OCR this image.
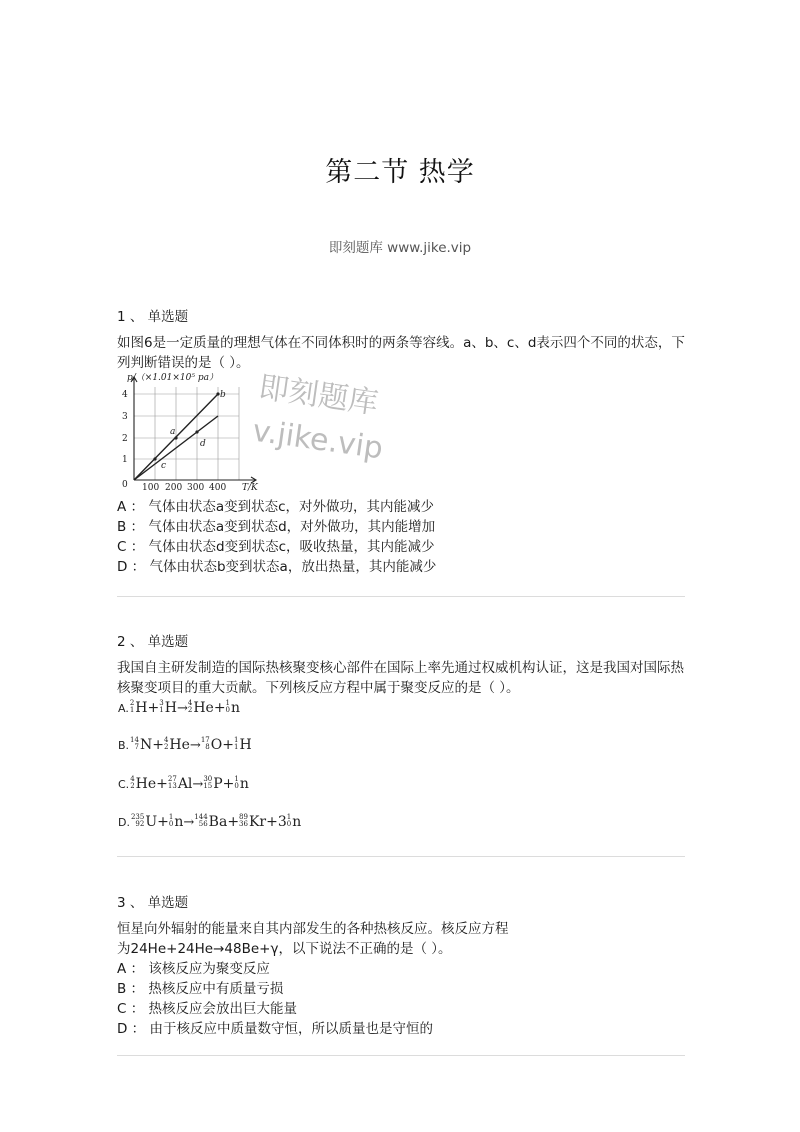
第二节 热学
即刻题库 www.jike.vip
1 、 单选题

如图6是一定质量的理想气体在不同体积时的两条等容线。a、b、c、d表示四个不同的状态，下列判断错误的是（ ）。

p/（×1.01×10⁵ pa）
a
b
c
d
1
2
3
4
0 100 200 300 400 T/K
即刻题库
v.jike.vip

A ： 气体由状态a变到状态c，对外做功，其内能减少

B ： 气体由状态a变到状态d，对外做功，其内能增加

C ： 气体由状态d变到状态c，吸收热量，其内能减少

D ： 气体由状态b变到状态a，放出热量，其内能减少

2 、 单选题

我国自主研发制造的国际热核聚变核心部件在国际上率先通过权威机构认证，这是我国对国际热核聚变项目的重大贡献。下列核反应方程中属于聚变反应的是（ ）。

A. 2
1 H+ 3
1 H→ 4
2 He+ 1
0 n
B. 14
7 N+ 4
2 He→ 17
8 O+ 1
1 H
C. 4
2 He+ 27
13 Al→ 30
15 P+ 1
0 n
D. 235
92 U+ 1
0 n→ 144
56 Ba+ 89
36 Kr+3 1
0 n
3 、 单选题

恒星向外辐射的能量来自其内部发生的各种热核反应。核反应方程

为24He+24He→48Be+γ，以下说法不正确的是（ ）。

A ： 该核反应为聚变反应

B ： 热核反应中有质量亏损

C ： 热核反应会放出巨大能量

D ： 由于核反应中质量数守恒，所以质量也是守恒的
